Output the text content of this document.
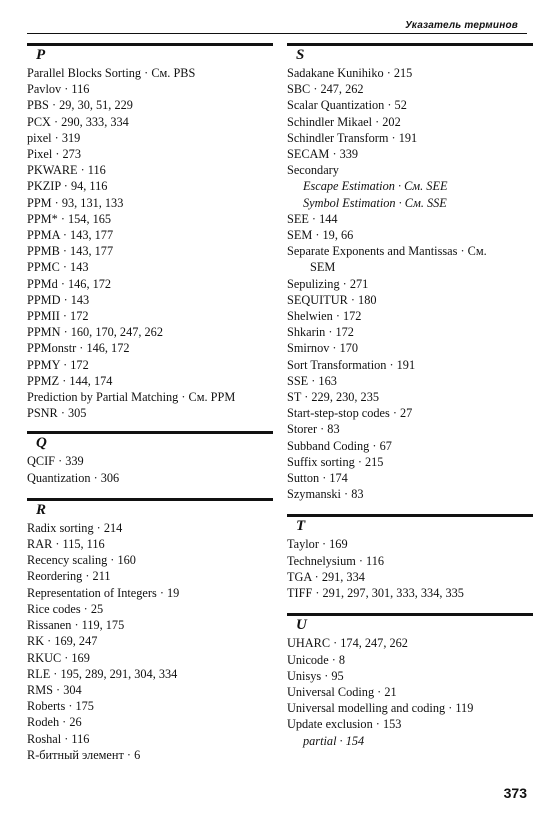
Указатель терминов
P
Parallel Blocks Sorting · См. PBS
Pavlov · 116
PBS · 29, 30, 51, 229
PCX · 290, 333, 334
pixel · 319
Pixel · 273
PKWARE · 116
PKZIP · 94, 116
PPM · 93, 131, 133
PPM* · 154, 165
PPMA · 143, 177
PPMB · 143, 177
PPMC · 143
PPMd · 146, 172
PPMD · 143
PPMII · 172
PPMN · 160, 170, 247, 262
PPMonstr · 146, 172
PPMY · 172
PPMZ · 144, 174
Prediction by Partial Matching · См. PPM
PSNR · 305
Q
QCIF · 339
Quantization · 306
R
Radix sorting · 214
RAR · 115, 116
Recency scaling · 160
Reordering · 211
Representation of Integers · 19
Rice codes · 25
Rissanen · 119, 175
RK · 169, 247
RKUC · 169
RLE · 195, 289, 291, 304, 334
RMS · 304
Roberts · 175
Rodeh · 26
Roshal · 116
R-битный элемент · 6
S
Sadakane Kunihiko · 215
SBC · 247, 262
Scalar Quantization · 52
Schindler Mikael · 202
Schindler Transform · 191
SECAM · 339
Secondary
Escape Estimation · См. SEE
Symbol Estimation · См. SSE
SEE · 144
SEM · 19, 66
Separate Exponents and Mantissas · См.
SEM
Sepulizing · 271
SEQUITUR · 180
Shelwien · 172
Shkarin · 172
Smirnov · 170
Sort Transformation · 191
SSE · 163
ST · 229, 230, 235
Start-step-stop codes · 27
Storer · 83
Subband Coding · 67
Suffix sorting · 215
Sutton · 174
Szymanski · 83
T
Taylor · 169
Technelysium · 116
TGA · 291, 334
TIFF · 291, 297, 301, 333, 334, 335
U
UHARC · 174, 247, 262
Unicode · 8
Unisys · 95
Universal Coding · 21
Universal modelling and coding · 119
Update exclusion · 153
partial · 154
373
